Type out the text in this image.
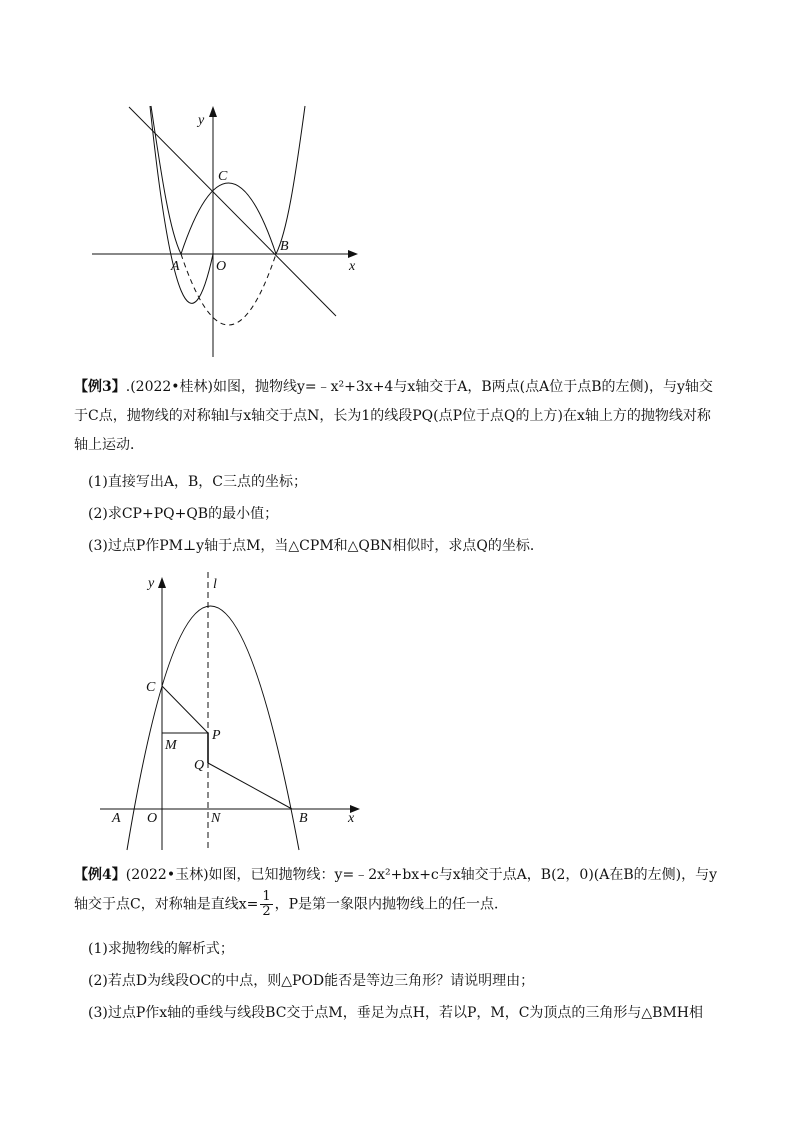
y
C
B
A	O	x
【例3】.(2022•桂林)如图，抛物线y=﹣x²+3x+4与x轴交于A，B两点(点A位于点B的左侧)，与y轴交于C点，抛物线的对称轴l与x轴交于点N，长为1的线段PQ(点P位于点Q的上方)在x轴上方的抛物线对称轴上运动．
(1)直接写出A，B，C三点的坐标；
(2)求CP+PQ+QB的最小值；
(3)过点P作PM⊥y轴于点M，当△CPM和△QBN相似时，求点Q的坐标．
y	l
C
P
M
Q
A O	N	B	x
【例4】(2022•玉林)如图，已知抛物线：y=﹣2x²+bx+c与x轴交于点A，B(2，0)(A在B的左侧)，与y轴交于点C，对称轴是直线$x= \frac{1}{2}$ ，P是第一象限内抛物线上的任一点．
(1)求抛物线的解析式；
(2)若点D为线段OC的中点，则△POD能否是等边三角形？请说明理由；
(3)过点P作x轴的垂线与线段BC交于点M，垂足为点H，若以P，M，C为顶点的三角形与△BMH相
